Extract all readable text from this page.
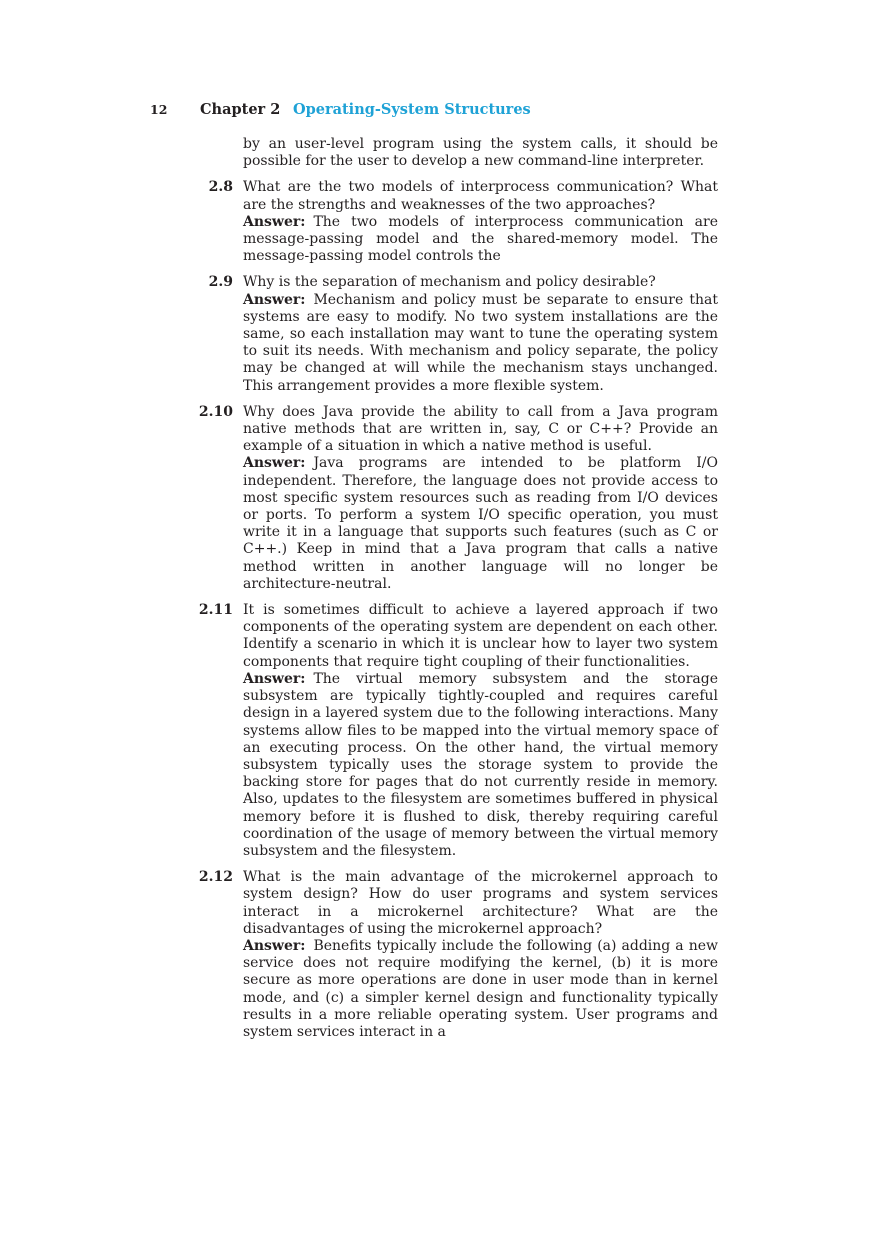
12 Chapter 2 Operating-System Structures

by an user-level program using the system calls, it should be possible for the user to develop a new command-line interpreter.

2.8 What are the two models of interprocess communication? What are the strengths and weaknesses of the two approaches?

Answer: The two models of interprocess communication are message-passing model and the shared-memory model. The message-passing model controls the

2.9 Why is the separation of mechanism and policy desirable?

Answer: Mechanism and policy must be separate to ensure that systems are easy to modify. No two system installations are the same, so each installation may want to tune the operating system to suit its needs. With mechanism and policy separate, the policy may be changed at will while the mechanism stays unchanged. This arrangement provides a more flexible system.

2.10 Why does Java provide the ability to call from a Java program native methods that are written in, say, C or C++? Provide an example of a situation in which a native method is useful.

Answer: Java programs are intended to be platform I/O independent. Therefore, the language does not provide access to most specific system resources such as reading from I/O devices or ports. To perform a system I/O specific operation, you must write it in a language that supports such features (such as C or C++.) Keep in mind that a Java program that calls a native method written in another language will no longer be architecture-neutral.

2.11 It is sometimes difficult to achieve a layered approach if two components of the operating system are dependent on each other. Identify a scenario in which it is unclear how to layer two system components that require tight coupling of their functionalities.

Answer: The virtual memory subsystem and the storage subsystem are typically tightly-coupled and requires careful design in a layered system due to the following interactions. Many systems allow files to be mapped into the virtual memory space of an executing process. On the other hand, the virtual memory subsystem typically uses the storage system to provide the backing store for pages that do not currently reside in memory. Also, updates to the filesystem are sometimes buffered in physical memory before it is flushed to disk, thereby requiring careful coordination of the usage of memory between the virtual memory subsystem and the filesystem.

2.12 What is the main advantage of the microkernel approach to system design? How do user programs and system services interact in a microkernel architecture? What are the disadvantages of using the microkernel approach?

Answer: Benefits typically include the following (a) adding a new service does not require modifying the kernel, (b) it is more secure as more operations are done in user mode than in kernel mode, and (c) a simpler kernel design and functionality typically results in a more reliable operating system. User programs and system services interact in a
